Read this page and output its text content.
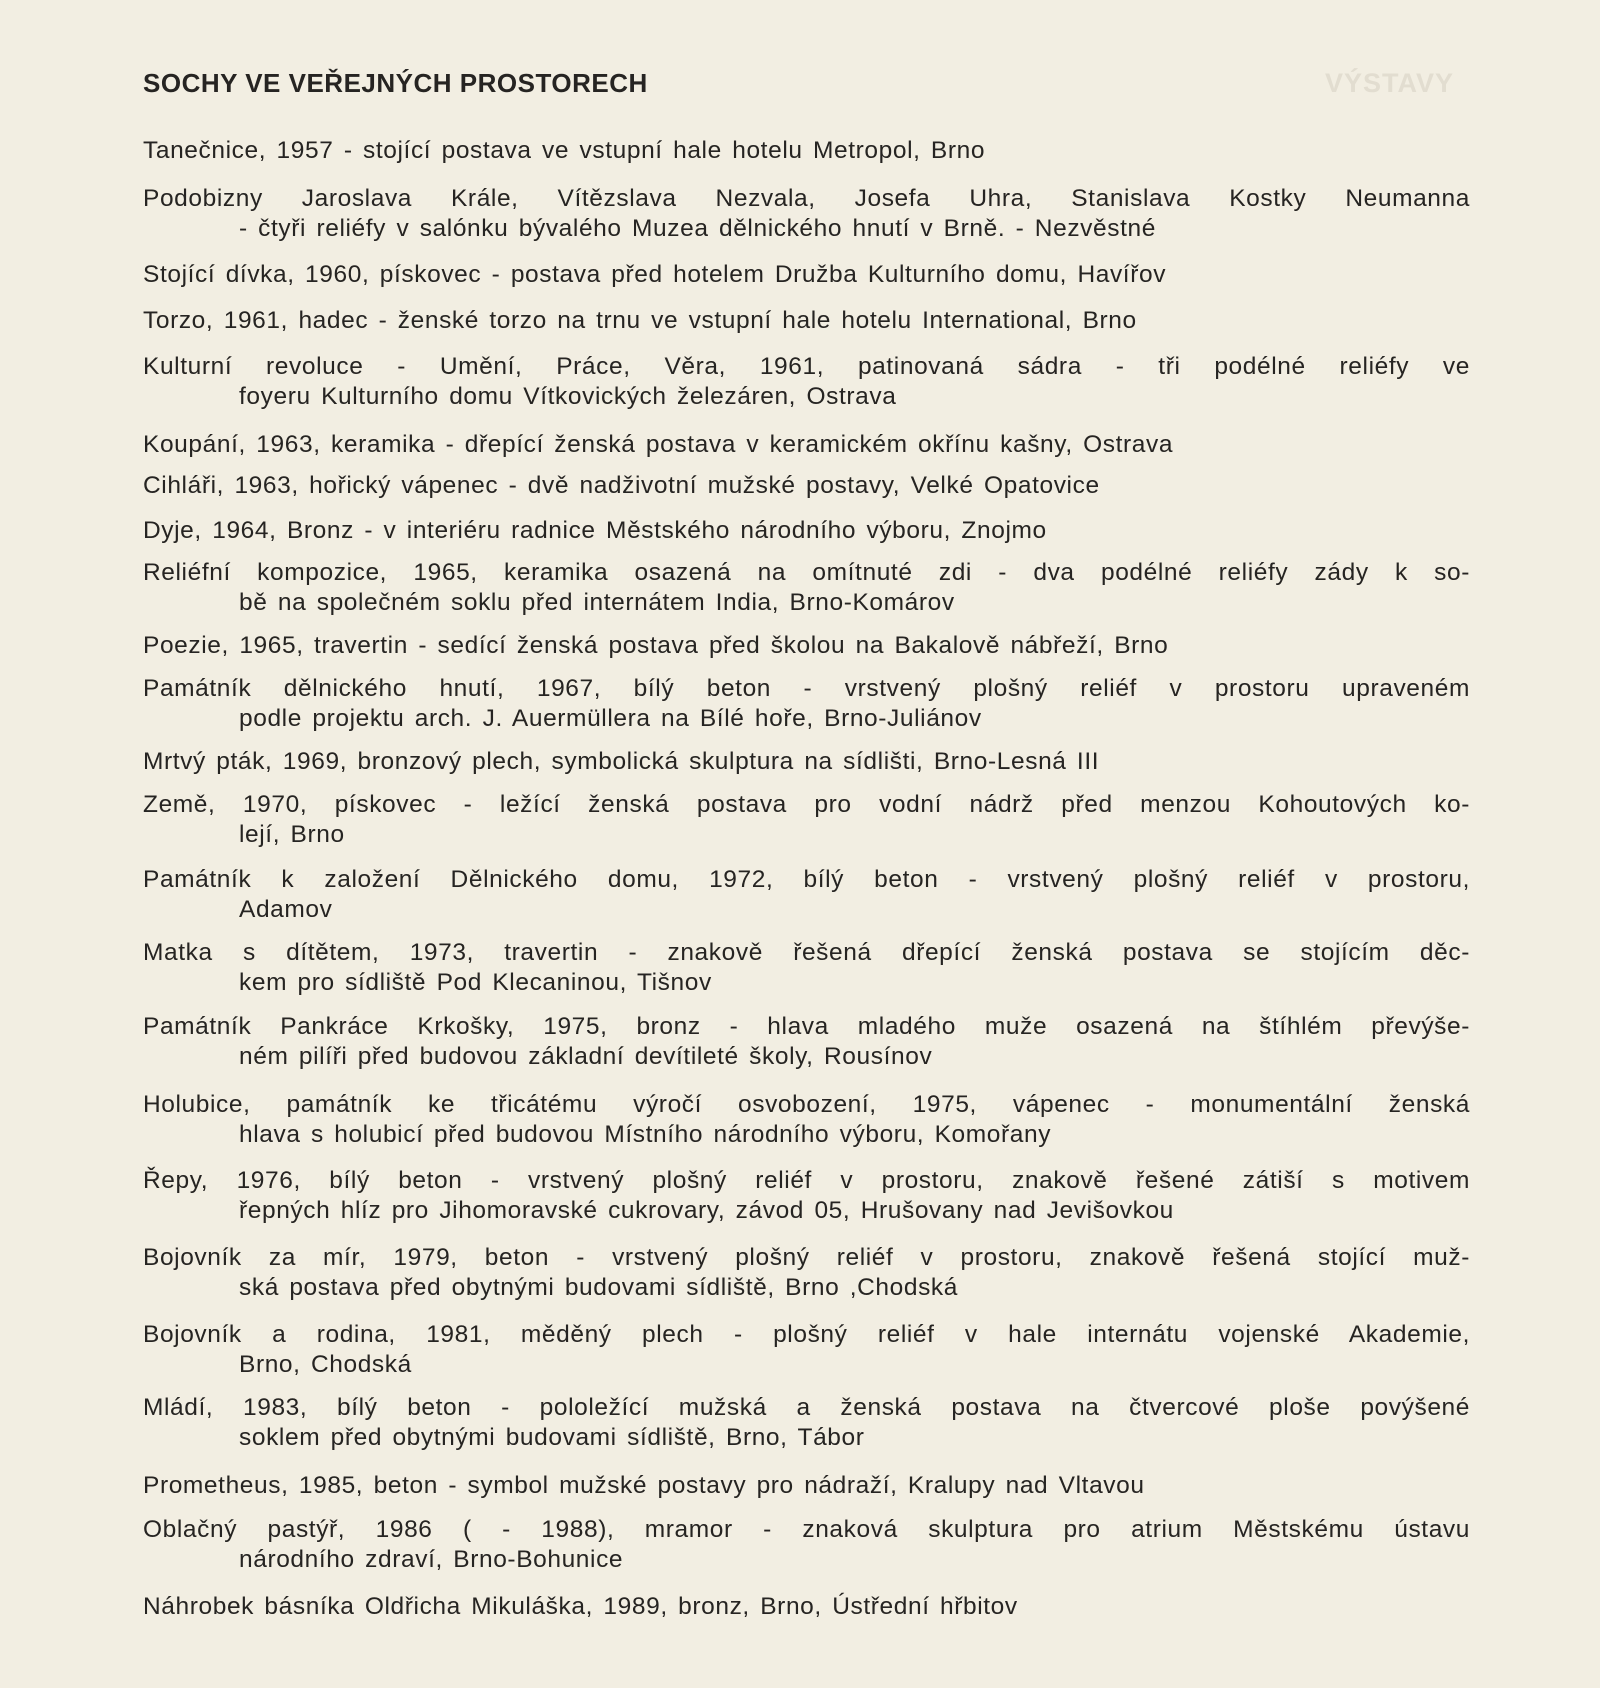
VÝSTAVY
SOCHY VE VEŘEJNÝCH PROSTORECH
Tanečnice, 1957 - stojící postava ve vstupní hale hotelu Metropol, Brno
Podobizny Jaroslava Krále, Vítězslava Nezvala, Josefa Uhra, Stanislava Kostky Neumanna
- čtyři reliéfy v salónku bývalého Muzea dělnického hnutí v Brně. - Nezvěstné
Stojící dívka, 1960, pískovec - postava před hotelem Družba Kulturního domu, Havířov
Torzo, 1961, hadec - ženské torzo na trnu ve vstupní hale hotelu International, Brno
Kulturní revoluce - Umění, Práce, Věra, 1961, patinovaná sádra - tři podélné reliéfy ve
foyeru Kulturního domu Vítkovických železáren, Ostrava
Koupání, 1963, keramika - dřepící ženská postava v keramickém okřínu kašny, Ostrava
Cihláři, 1963, hořický vápenec - dvě nadživotní mužské postavy, Velké Opatovice
Dyje, 1964, Bronz - v interiéru radnice Městského národního výboru, Znojmo
Reliéfní kompozice, 1965, keramika osazená na omítnuté zdi - dva podélné reliéfy zády k so-
bě na společném soklu před internátem India, Brno-Komárov
Poezie, 1965, travertin - sedící ženská postava před školou na Bakalově nábřeží, Brno
Památník dělnického hnutí, 1967, bílý beton - vrstvený plošný reliéf v prostoru upraveném
podle projektu arch. J. Auermüllera na Bílé hoře, Brno-Juliánov
Mrtvý pták, 1969, bronzový plech, symbolická skulptura na sídlišti, Brno-Lesná III
Země, 1970, pískovec - ležící ženská postava pro vodní nádrž před menzou Kohoutových ko-
lejí, Brno
Památník k založení Dělnického domu, 1972, bílý beton - vrstvený plošný reliéf v prostoru,
Adamov
Matka s dítětem, 1973, travertin - znakově řešená dřepící ženská postava se stojícím děc-
kem pro sídliště Pod Klecaninou, Tišnov
Památník Pankráce Krkošky, 1975, bronz - hlava mladého muže osazená na štíhlém převýše-
ném pilíři před budovou základní devítileté školy, Rousínov
Holubice, památník ke třicátému výročí osvobození, 1975, vápenec - monumentální ženská
hlava s holubicí před budovou Místního národního výboru, Komořany
Řepy, 1976, bílý beton - vrstvený plošný reliéf v prostoru, znakově řešené zátiší s motivem
řepných hlíz pro Jihomoravské cukrovary, závod 05, Hrušovany nad Jevišovkou
Bojovník za mír, 1979, beton - vrstvený plošný reliéf v prostoru, znakově řešená stojící muž-
ská postava před obytnými budovami sídliště, Brno ,Chodská
Bojovník a rodina, 1981, měděný plech - plošný reliéf v hale internátu vojenské Akademie,
Brno, Chodská
Mládí, 1983, bílý beton - pololežící mužská a ženská postava na čtvercové ploše povýšené
soklem před obytnými budovami sídliště, Brno, Tábor
Prometheus, 1985, beton - symbol mužské postavy pro nádraží, Kralupy nad Vltavou
Oblačný pastýř, 1986 ( - 1988), mramor - znaková skulptura pro atrium Městskému ústavu
národního zdraví, Brno-Bohunice
Náhrobek básníka Oldřicha Mikuláška, 1989, bronz, Brno, Ústřední hřbitov
